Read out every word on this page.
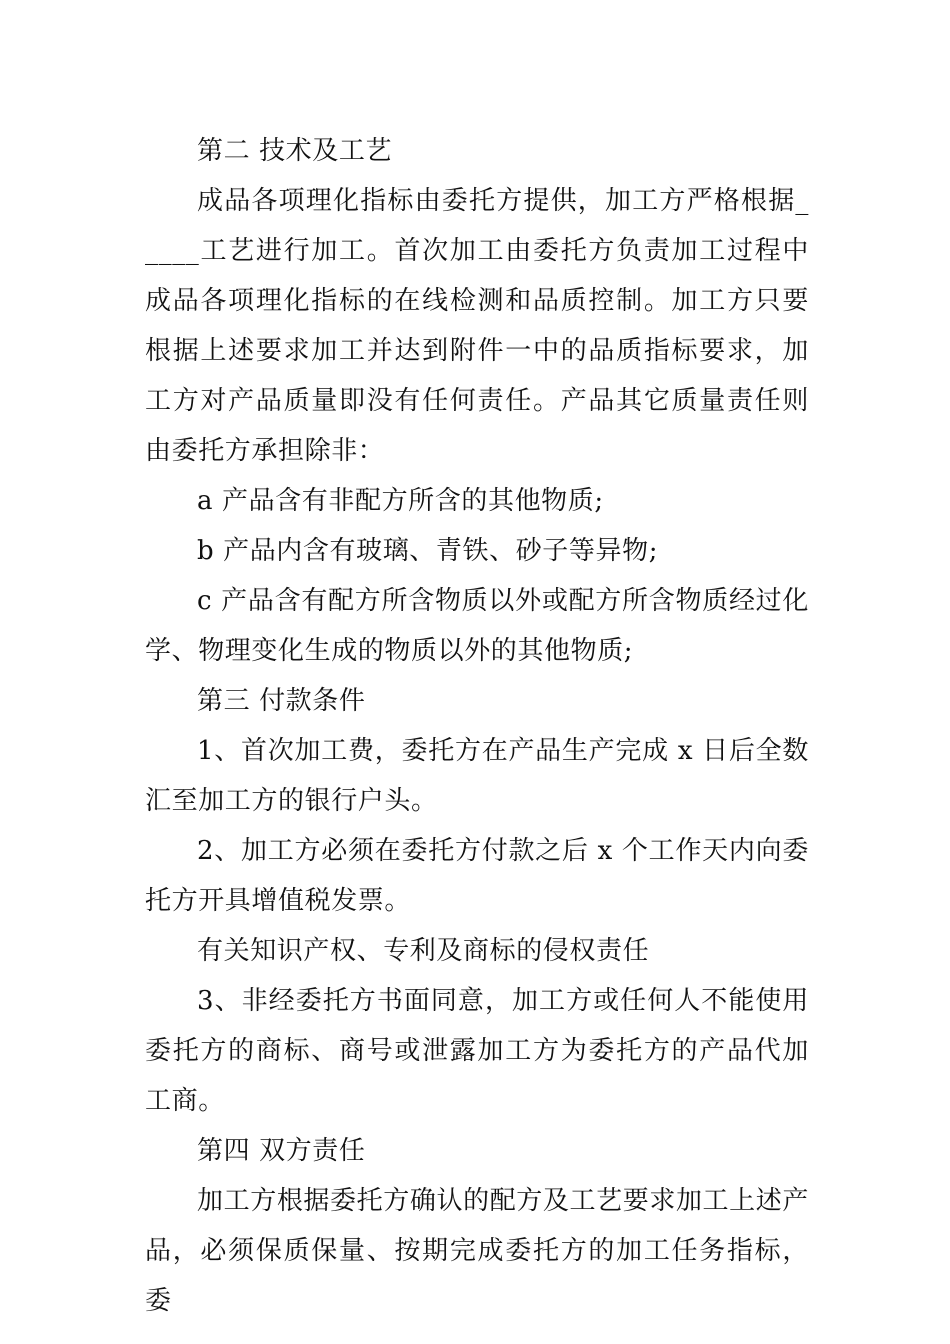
第二 技术及工艺

成品各项理化指标由委托方提供，加工方严格根据_____工艺进行加工。首次加工由委托方负责加工过程中成品各项理化指标的在线检测和品质控制。加工方只要根据上述要求加工并达到附件一中的品质指标要求，加工方对产品质量即没有任何责任。产品其它质量责任则由委托方承担除非：

a 产品含有非配方所含的其他物质;

b 产品内含有玻璃、青铁、砂子等异物;

c 产品含有配方所含物质以外或配方所含物质经过化学、物理变化生成的物质以外的其他物质;

第三 付款条件

1、首次加工费，委托方在产品生产完成 x 日后全数汇至加工方的银行户头。

2、加工方必须在委托方付款之后 x 个工作天内向委托方开具增值税发票。

有关知识产权、专利及商标的侵权责任

3、非经委托方书面同意，加工方或任何人不能使用委托方的商标、商号或泄露加工方为委托方的产品代加工商。

第四 双方责任

加工方根据委托方确认的配方及工艺要求加工上述产品，必须保质保量、按期完成委托方的加工任务指标，委
